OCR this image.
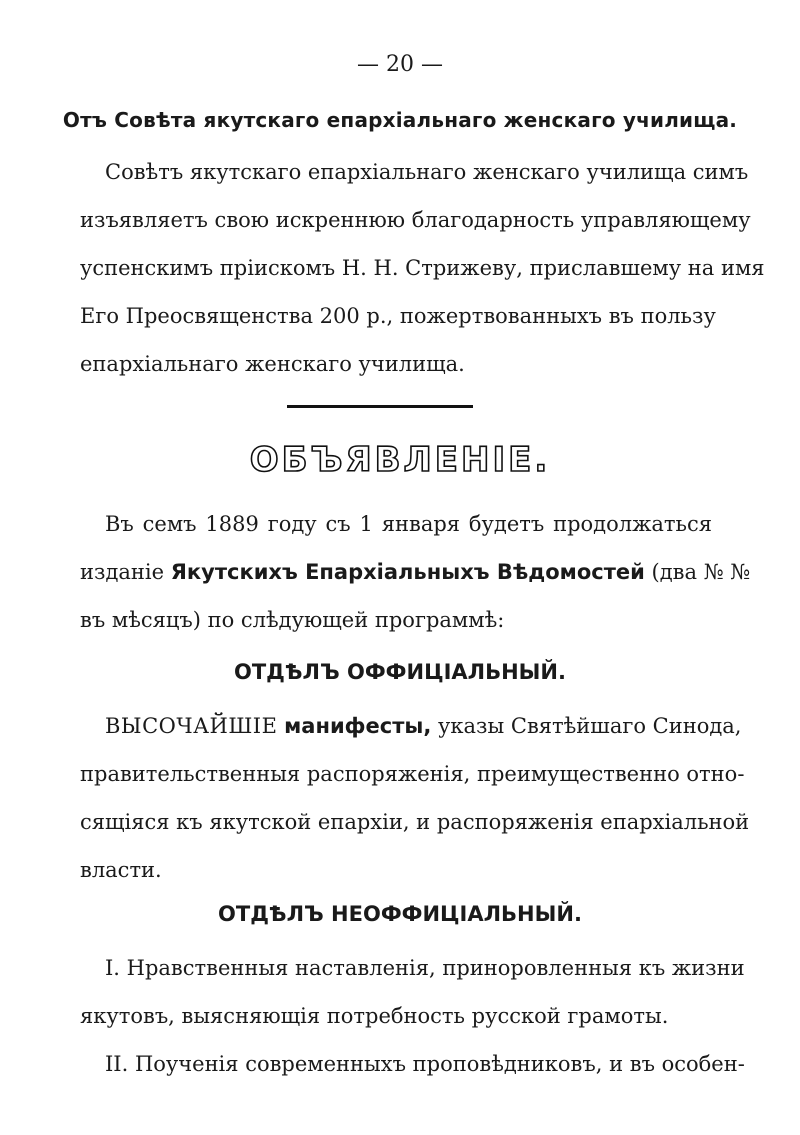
— 20 —
Отъ Совѣта якутскаго епархіальнаго женскаго училища.
Совѣтъ якутскаго епархіальнаго женскаго училища симъ
изъявляетъ свою искреннюю благодарность управляющему
успенскимъ пріискомъ Н. Н. Стрижеву, приславшему на имя
Его Преосвященства 200 р., пожертвованныхъ въ пользу
епархіальнаго женскаго училища.
ОБЪЯВЛЕНІЕ.
Въ семъ 1889 году съ 1 января будетъ продолжаться
изданіе Якутскихъ Епархіальныхъ Вѣдомостей (два № №
въ мѣсяцъ) по слѣдующей программѣ:
ОТДѢЛЪ ОФФИЦІАЛЬНЫЙ.
ВЫСОЧАЙШІЕ манифесты, указы Святѣйшаго Синода,
правительственныя распоряженія, преимущественно отно-
сящіяся къ якутской епархіи, и распоряженія епархіальной
власти.
ОТДѢЛЪ НЕОФФИЦІАЛЬНЫЙ.
I. Нравственныя наставленія, приноровленныя къ жизни
якутовъ, выясняющія потребность русской грамоты.
II. Поученія современныхъ проповѣдниковъ, и въ особен-
